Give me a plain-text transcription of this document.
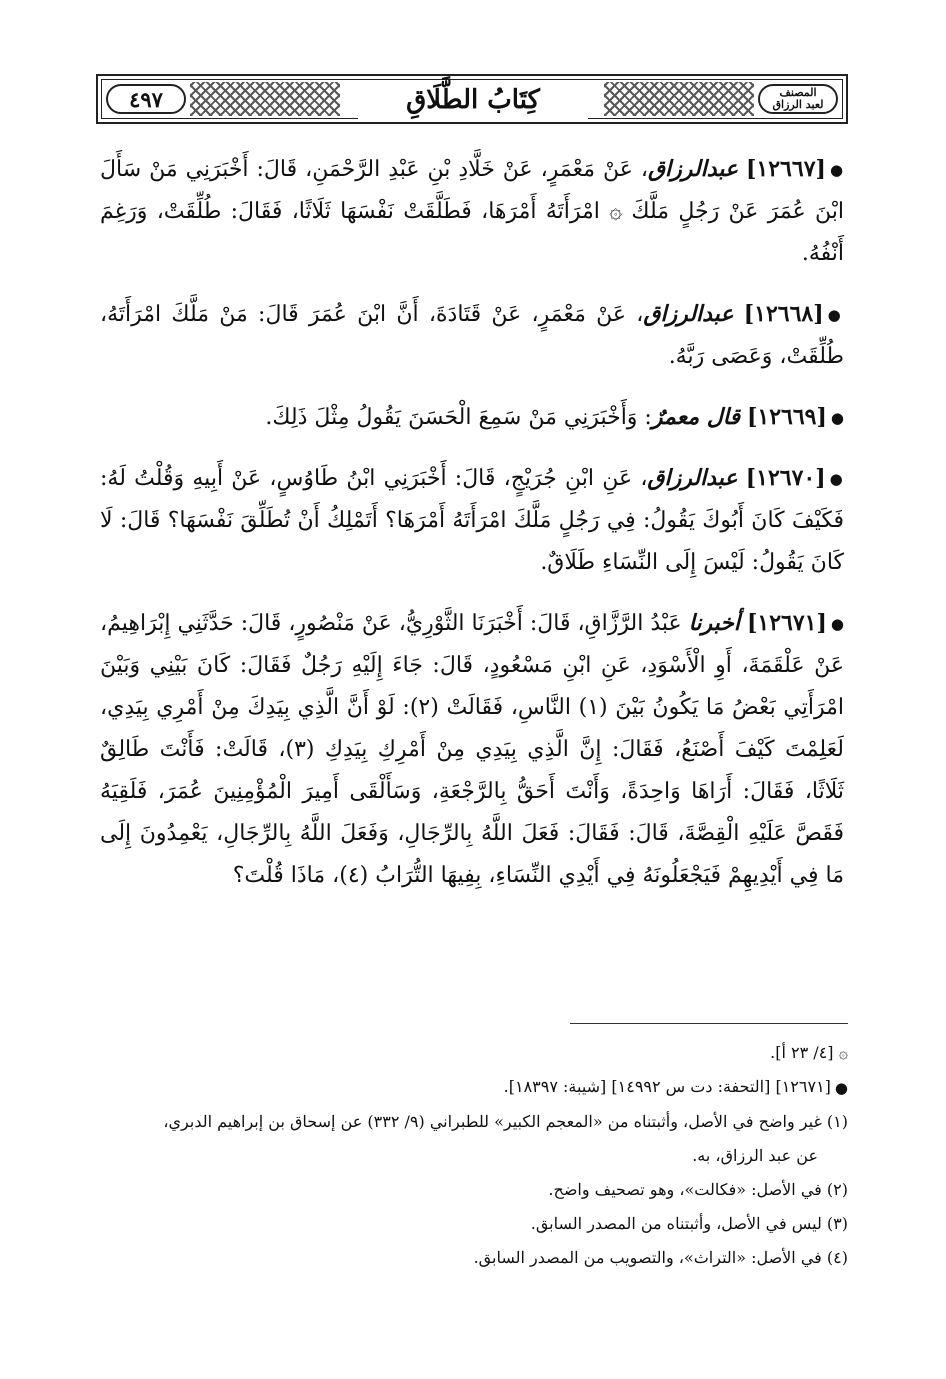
٤٩٧	كِتَابُ الطَّلَاقِ	المصنف
لعبد الرزاق

●[١٢٦٦٧] عبدالرزاق، عَنْ مَعْمَرٍ، عَنْ خَلَّادِ بْنِ عَبْدِ الرَّحْمَنِ، قَالَ: أَخْبَرَنِي مَنْ سَأَلَ ابْنَ عُمَرَ عَنْ رَجُلٍ مَلَّكَ ۞ امْرَأَتَهُ أَمْرَهَا، فَطَلَّقَتْ نَفْسَهَا ثَلَاثًا، فَقَالَ: طُلِّقَتْ، وَرَغِمَ أَنْفُهُ.

●[١٢٦٦٨] عبدالرزاق، عَنْ مَعْمَرٍ، عَنْ قَتَادَةَ، أَنَّ ابْنَ عُمَرَ قَالَ: مَنْ مَلَّكَ امْرَأَتَهُ، طُلِّقَتْ، وَعَصَى رَبَّهُ.

●[١٢٦٦٩] قال معمرٌ: وَأَخْبَرَنِي مَنْ سَمِعَ الْحَسَنَ يَقُولُ مِثْلَ ذَلِكَ.

●[١٢٦٧٠] عبدالرزاق، عَنِ ابْنِ جُرَيْجٍ، قَالَ: أَخْبَرَنِي ابْنُ طَاوُسٍ، عَنْ أَبِيهِ وَقُلْتُ لَهُ: فَكَيْفَ كَانَ أَبُوكَ يَقُولُ: فِي رَجُلٍ مَلَّكَ امْرَأَتَهُ أَمْرَهَا؟ أَتَمْلِكُ أَنْ تُطَلِّقَ نَفْسَهَا؟ قَالَ: لَا كَانَ يَقُولُ: لَيْسَ إِلَى النِّسَاءِ طَلَاقٌ.

●[١٢٦٧١] أخبرنا عَبْدُ الرَّزَّاقِ، قَالَ: أَخْبَرَنَا الثَّوْرِيُّ، عَنْ مَنْصُورٍ، قَالَ: حَدَّثَنِي إِبْرَاهِيمُ، عَنْ عَلْقَمَةَ، أَوِ الْأَسْوَدِ، عَنِ ابْنِ مَسْعُودٍ، قَالَ: جَاءَ إِلَيْهِ رَجُلٌ فَقَالَ: كَانَ بَيْنِي وَبَيْنَ امْرَأَتِي بَعْضُ مَا يَكُونُ بَيْنَ (١) النَّاسِ، فَقَالَتْ (٢): لَوْ أَنَّ الَّذِي بِيَدِكَ مِنْ أَمْرِي بِيَدِي، لَعَلِمْتَ كَيْفَ أَصْنَعُ، فَقَالَ: إِنَّ الَّذِي بِيَدِي مِنْ أَمْرِكِ بِيَدِكِ (٣)، قَالَتْ: فَأَنْتَ طَالِقٌ ثَلَاثًا، فَقَالَ: أَرَاهَا وَاحِدَةً، وَأَنْتَ أَحَقُّ بِالرَّجْعَةِ، وَسَأَلْقَى أَمِيرَ الْمُؤْمِنِينَ عُمَرَ، فَلَقِيَهُ فَقَصَّ عَلَيْهِ الْقِصَّةَ، قَالَ: فَقَالَ: فَعَلَ اللَّهُ بِالرِّجَالِ، وَفَعَلَ اللَّهُ بِالرِّجَالِ، يَعْمِدُونَ إِلَى مَا فِي أَيْدِيهِمْ فَيَجْعَلُونَهُ فِي أَيْدِي النِّسَاءِ، بِفِيهَا التُّرَابُ (٤)، مَاذَا قُلْتَ؟

۞ [٤/ ٢٣ أ].

●[١٢٦٧١] [التحفة: دت س ١٤٩٩٢] [شيبة: ١٨٣٩٧].

(١) غير واضح في الأصل، وأثبتناه من «المعجم الكبير» للطبراني (٩/ ٣٣٢) عن إسحاق بن إبراهيم الدبري،

عن عبد الرزاق، به.

(٢) في الأصل: «فكالت»، وهو تصحيف واضح.

(٣) ليس في الأصل، وأثبتناه من المصدر السابق.

(٤) في الأصل: «التراث»، والتصويب من المصدر السابق.
